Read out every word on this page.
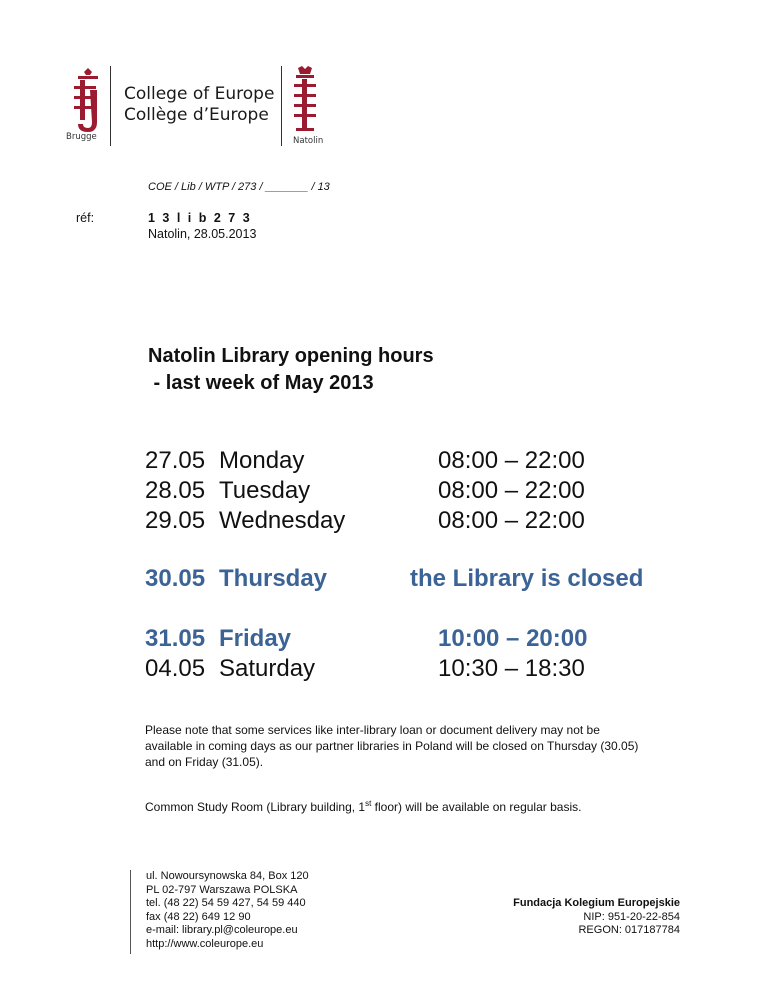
Brugge
College of Europe
Collège d’Europe
Natolin
COE / Lib / WTP / 273 / _______ / 13
réf:	1 3 l i b 2 7 3
Natolin, 28.05.2013
Natolin Library opening hours
- last week of May 2013
27.05 Monday	08:00 – 22:00
28.05 Tuesday	08:00 – 22:00
29.05 Wednesday	08:00 – 22:00
30.05 Thursday	the Library is closed
31.05 Friday	10:00 – 20:00
04.05 Saturday	10:30 – 18:30
Please note that some services like inter-library loan or document delivery may not be available in coming days as our partner libraries in Poland will be closed on Thursday (30.05) and on Friday (31.05).
Common Study Room (Library building, 1st floor) will be available on regular basis.
ul. Nowoursynowska 84, Box 120
PL 02-797 Warszawa POLSKA
tel. (48 22) 54 59 427, 54 59 440
fax (48 22) 649 12 90
e-mail: library.pl@coleurope.eu
http://www.coleurope.eu
Fundacja Kolegium Europejskie
NIP: 951-20-22-854
REGON: 017187784
